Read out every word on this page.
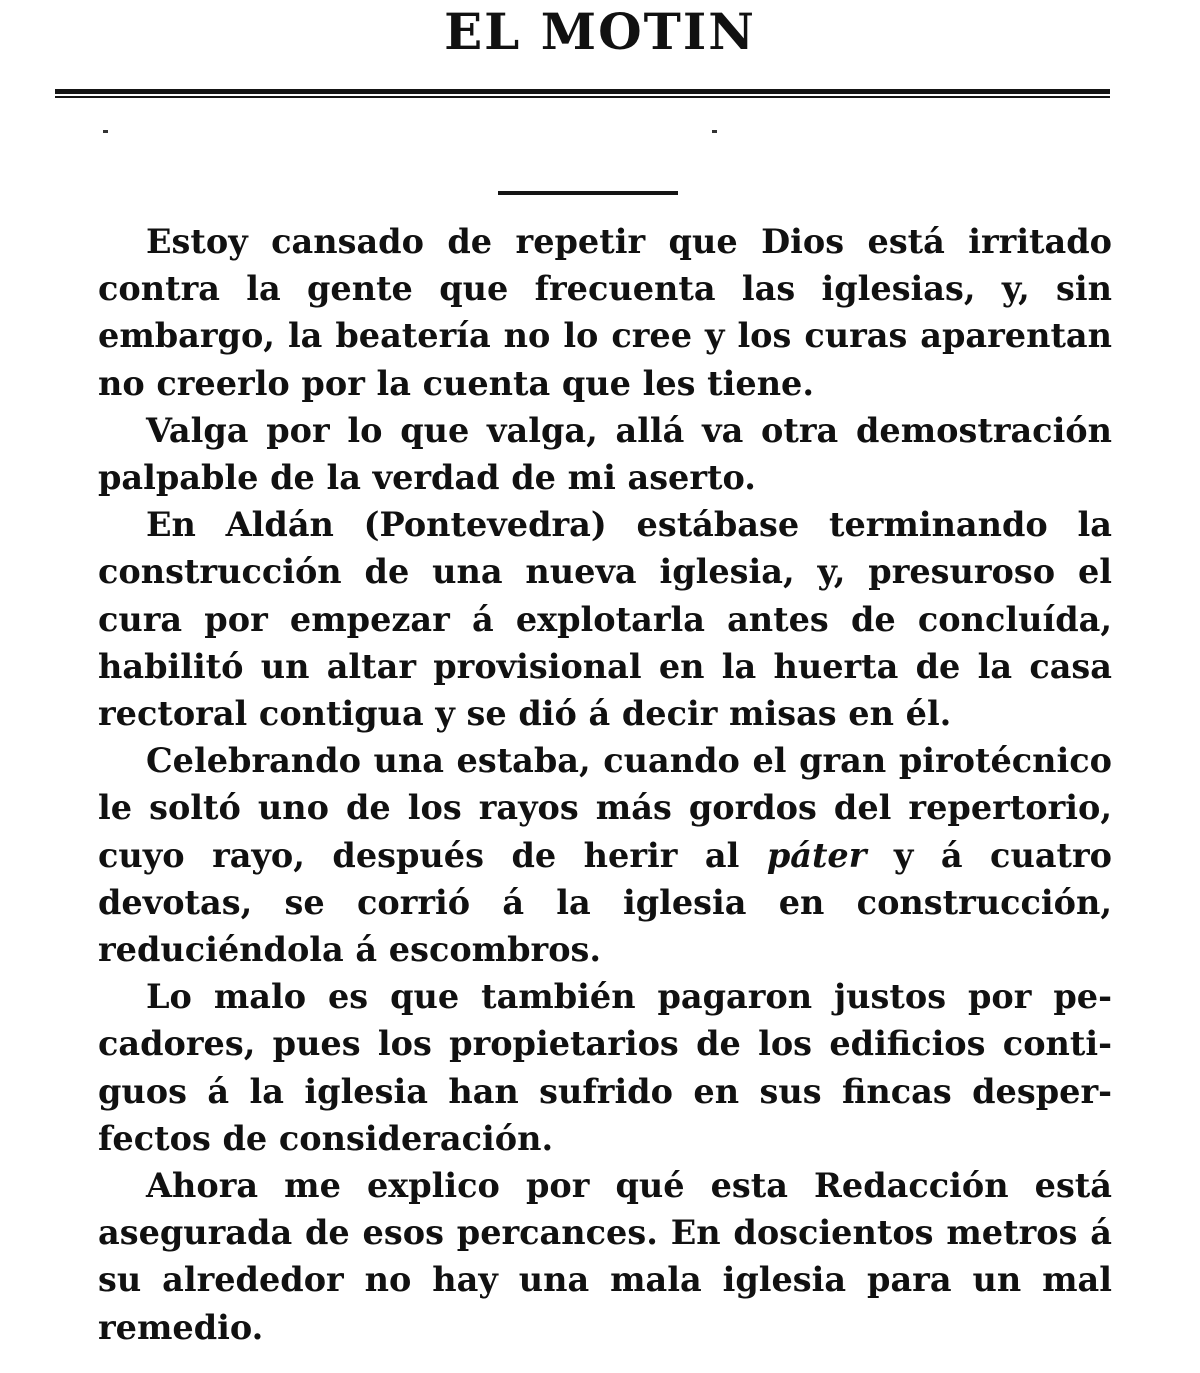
EL MOTIN

Estoy cansado de repetir que Dios está irritado contra la gente que frecuenta las iglesias, y, sin embargo, la beatería no lo cree y los curas aparentan no creerlo por la cuenta que les tiene.

Valga por lo que valga, allá va otra demostración palpable de la verdad de mi aserto.

En Aldán (Pontevedra) estábase terminando la construcción de una nueva iglesia, y, presuroso el cura por empezar á explotarla antes de concluída, habilitó un altar provisional en la huerta de la casa rectoral contigua y se dió á decir misas en él.

Celebrando una estaba, cuando el gran pirotécnico le soltó uno de los rayos más gordos del repertorio, cuyo rayo, después de herir al páter y á cuatro devotas, se corrió á la iglesia en construcción, reduciéndola á escombros.

Lo malo es que también pagaron justos por pecadores, pues los propietarios de los edificios contiguos á la iglesia han sufrido en sus fincas desperfectos de consideración.

Ahora me explico por qué esta Redacción está asegurada de esos percances. En doscientos metros á su alrededor no hay una mala iglesia para un mal remedio.
